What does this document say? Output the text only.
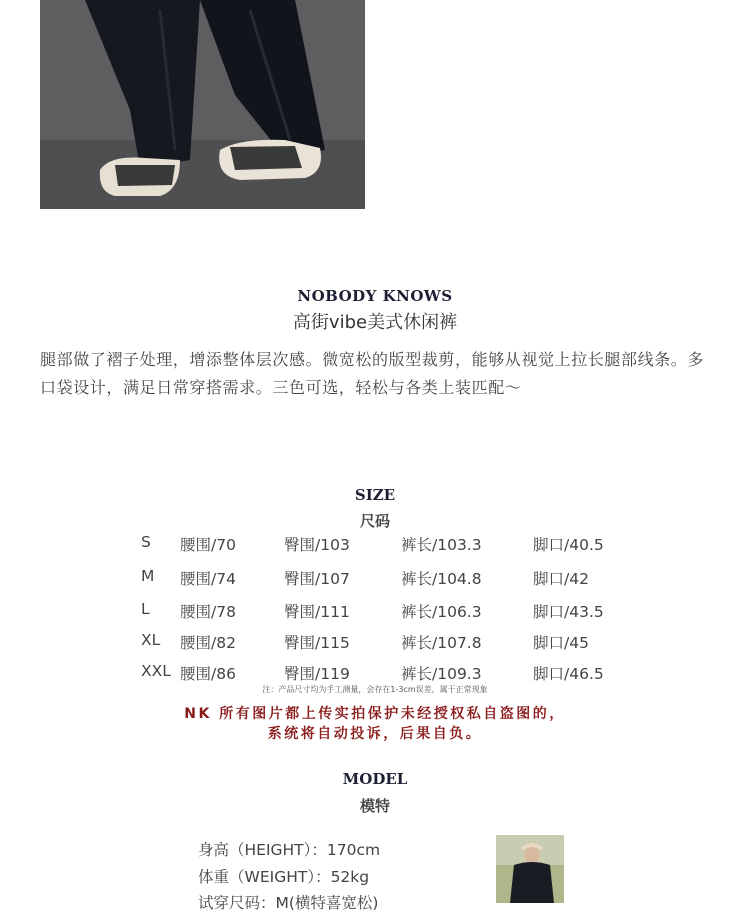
NOBODY KNOWS
高街vibe美式休闲裤
腿部做了褶子处理，增添整体层次感。微宽松的版型裁剪，能够从视觉上拉长腿部线条。多口袋设计，满足日常穿搭需求。三色可选，轻松与各类上装匹配～
SIZE
尺码
S 腰围/70	臀围/103	裤长/103.3	脚口/40.5
M 腰围/74	臀围/107	裤长/104.8	脚口/42
L 腰围/78	臀围/111	裤长/106.3	脚口/43.5
XL 腰围/82	臀围/115	裤长/107.8	脚口/45
XXL 腰围/86	臀围/119	裤长/109.3	脚口/46.5
注：产品尺寸均为手工测量，会存在1-3cm误差，属于正常现象
NK 所有图片都上传实拍保护未经授权私自盗图的，
系统将自动投诉，后果自负。
MODEL
模特
身高（HEIGHT）：170cm
体重（WEIGHT）：52kg
试穿尺码：M(横特喜宽松)
